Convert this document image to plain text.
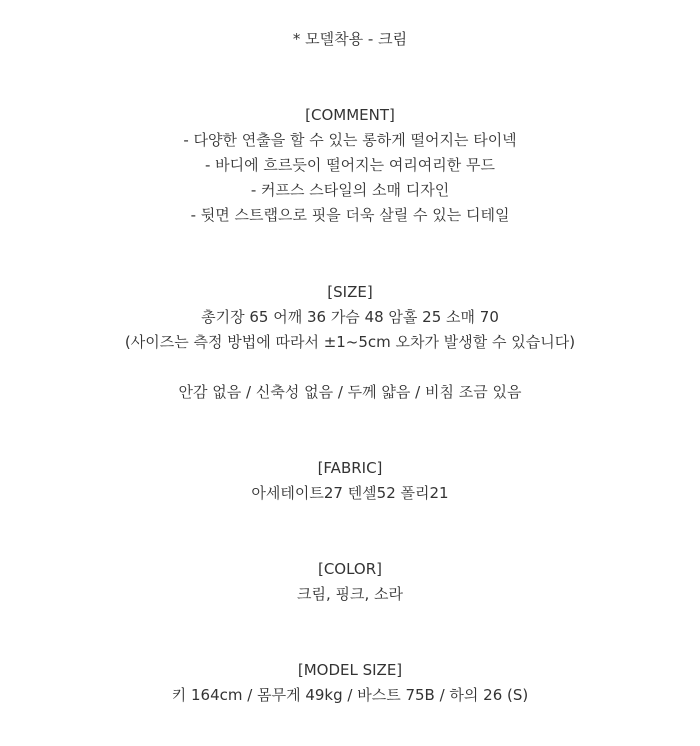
* 모델착용 - 크림
[COMMENT]
- 다양한 연출을 할 수 있는 롱하게 떨어지는 타이넥
- 바디에 흐르듯이 떨어지는 여리여리한 무드
- 커프스 스타일의 소매 디자인
- 뒷면 스트랩으로 핏을 더욱 살릴 수 있는 디테일
[SIZE]
총기장 65 어깨 36 가슴 48 암홀 25 소매 70
(사이즈는 측정 방법에 따라서 ±1~5cm 오차가 발생할 수 있습니다)
안감 없음 / 신축성 없음 / 두께 얇음 / 비침 조금 있음
[FABRIC]
아세테이트27 텐셀52 폴리21
[COLOR]
크림, 핑크, 소라
[MODEL SIZE]
키 164cm / 몸무게 49kg / 바스트 75B / 하의 26 (S)
